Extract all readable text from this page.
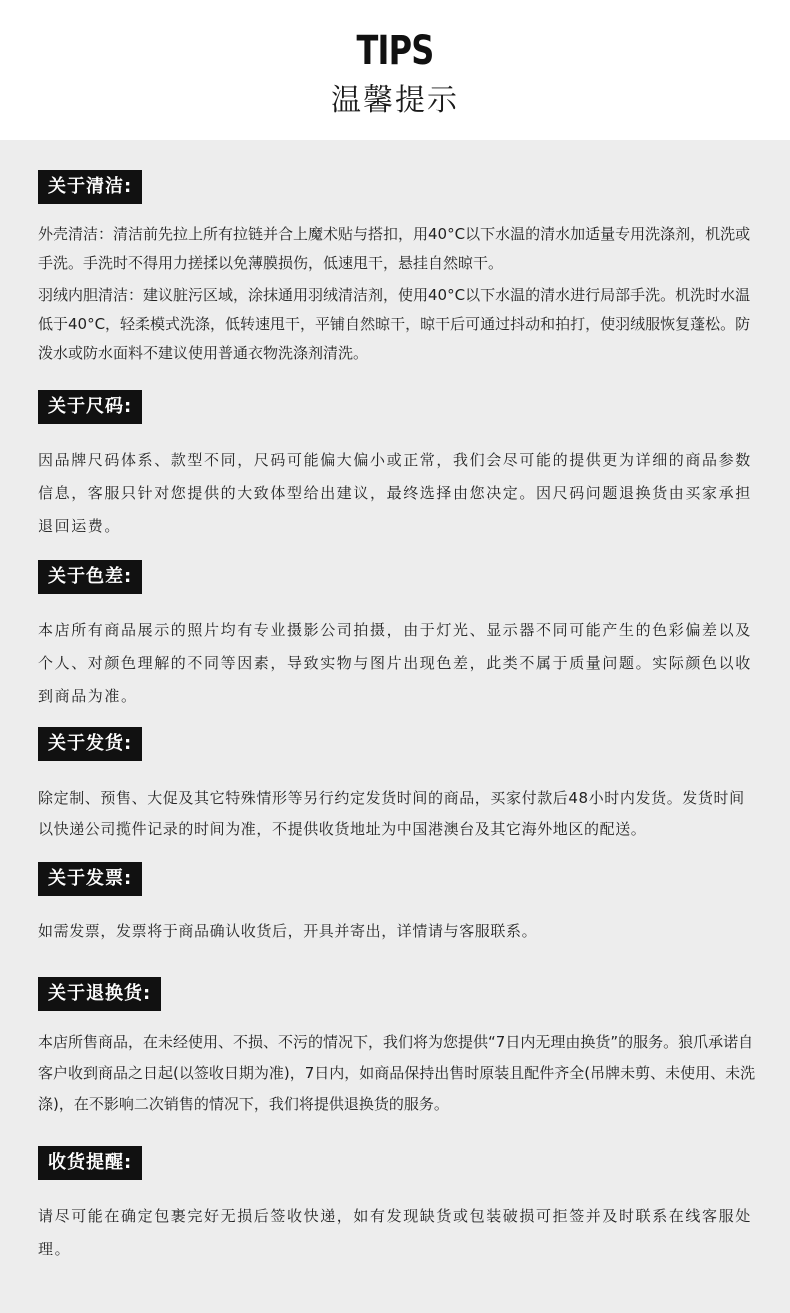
TIPS
温馨提示
关于清洁:

外壳清洁：清洁前先拉上所有拉链并合上魔术贴与搭扣，用40°C以下水温的清水加适量专用洗涤剂，机洗或手洗。手洗时不得用力搓揉以免薄膜损伤，低速甩干，悬挂自然晾干。

羽绒内胆清洁：建议脏污区域，涂抹通用羽绒清洁剂，使用40°C以下水温的清水进行局部手洗。机洗时水温低于40°C，轻柔模式洗涤，低转速甩干，平铺自然晾干，晾干后可通过抖动和拍打，使羽绒服恢复蓬松。防泼水或防水面料不建议使用普通衣物洗涤剂清洗。

关于尺码:

因品牌尺码体系、款型不同，尺码可能偏大偏小或正常，我们会尽可能的提供更为详细的商品参数信息，客服只针对您提供的大致体型给出建议，最终选择由您决定。因尺码问题退换货由买家承担退回运费。

关于色差:

本店所有商品展示的照片均有专业摄影公司拍摄，由于灯光、显示器不同可能产生的色彩偏差以及个人、对颜色理解的不同等因素，导致实物与图片出现色差，此类不属于质量问题。实际颜色以收到商品为准。

关于发货:

除定制、预售、大促及其它特殊情形等另行约定发货时间的商品，买家付款后48小时内发货。发货时间以快递公司揽件记录的时间为准，不提供收货地址为中国港澳台及其它海外地区的配送。

关于发票:

如需发票，发票将于商品确认收货后，开具并寄出，详情请与客服联系。

关于退换货:

本店所售商品，在未经使用、不损、不污的情况下，我们将为您提供“7日内无理由换货”的服务。狼爪承诺自客户收到商品之日起(以签收日期为准)，7日内，如商品保持出售时原装且配件齐全(吊牌未剪、未使用、未洗涤)，在不影响二次销售的情况下，我们将提供退换货的服务。

收货提醒:

请尽可能在确定包裹完好无损后签收快递，如有发现缺货或包装破损可拒签并及时联系在线客服处理。
